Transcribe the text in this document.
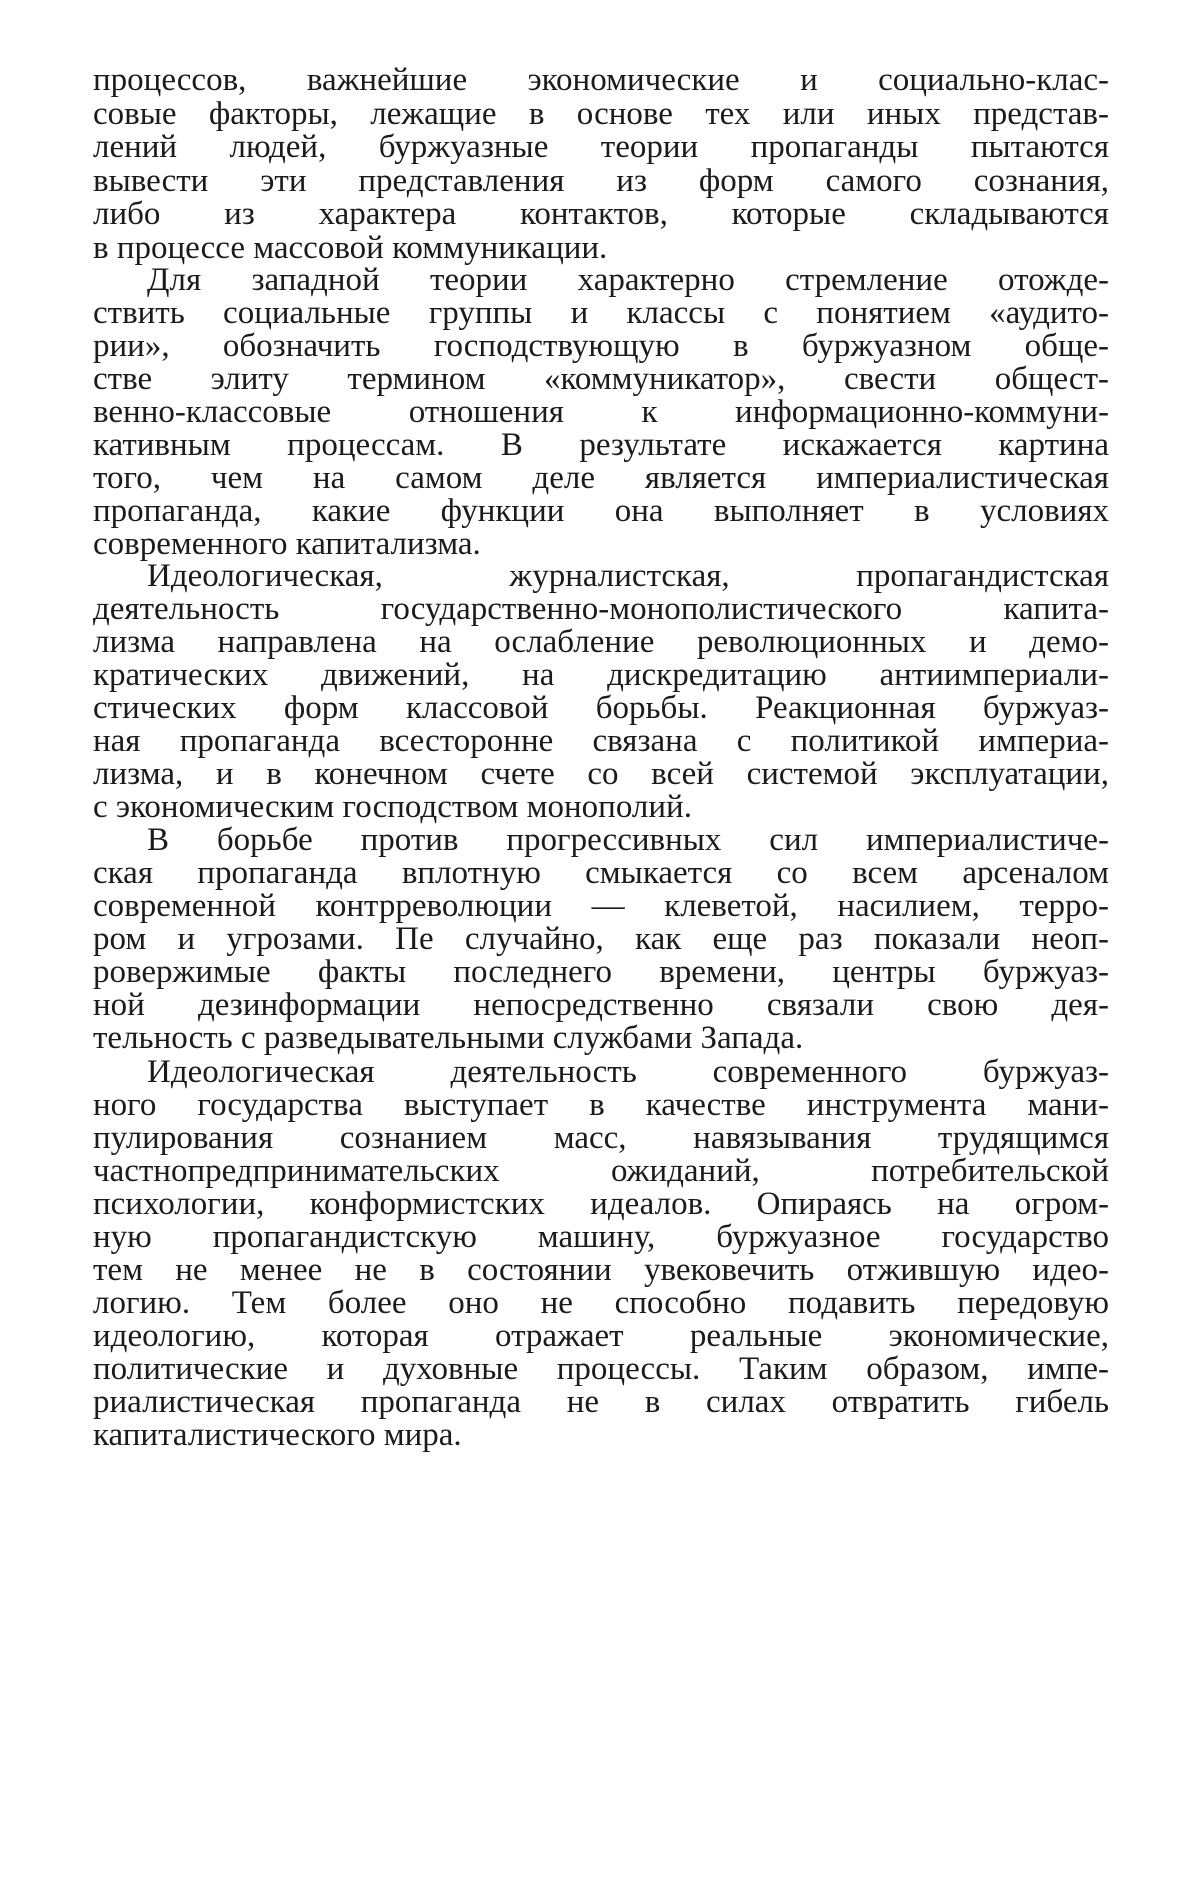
процессов, важнейшие экономические и социально-клас-
совые факторы, лежащие в основе тех или иных представ-
лений людей, буржуазные теории пропаганды пытаются
вывести эти представления из форм самого сознания,
либо из характера контактов, которые складываются
в процессе массовой коммуникации.
Для западной теории характерно стремление отожде-
ствить социальные группы и классы с понятием «аудито-
рии», обозначить господствующую в буржуазном обще-
стве элиту термином «коммуникатор», свести общест-
венно-классовые отношения к информационно-коммуни-
кативным процессам. В результате искажается картина
того, чем на самом деле является империалистическая
пропаганда, какие функции она выполняет в условиях
современного капитализма.
Идеологическая, журналистская, пропагандистская
деятельность государственно-монополистического капита-
лизма направлена на ослабление революционных и демо-
кратических движений, на дискредитацию антиимпериали-
стических форм классовой борьбы. Реакционная буржуаз-
ная пропаганда всесторонне связана с политикой империа-
лизма, и в конечном счете со всей системой эксплуатации,
с экономическим господством монополий.
В борьбе против прогрессивных сил империалистиче-
ская пропаганда вплотную смыкается со всем арсеналом
современной контрреволюции — клеветой, насилием, терро-
ром и угрозами. Пе случайно, как еще раз показали неоп-
ровержимые факты последнего времени, центры буржуаз-
ной дезинформации непосредственно связали свою дея-
тельность с разведывательными службами Запада.
Идеологическая деятельность современного буржуаз-
ного государства выступает в качестве инструмента мани-
пулирования сознанием масс, навязывания трудящимся
частнопредпринимательских ожиданий, потребительской
психологии, конформистских идеалов. Опираясь на огром-
ную пропагандистскую машину, буржуазное государство
тем не менее не в состоянии увековечить отжившую идео-
логию. Тем более оно не способно подавить передовую
идеологию, которая отражает реальные экономические,
политические и духовные процессы. Таким образом, импе-
риалистическая пропаганда не в силах отвратить гибель
капиталистического мира.
